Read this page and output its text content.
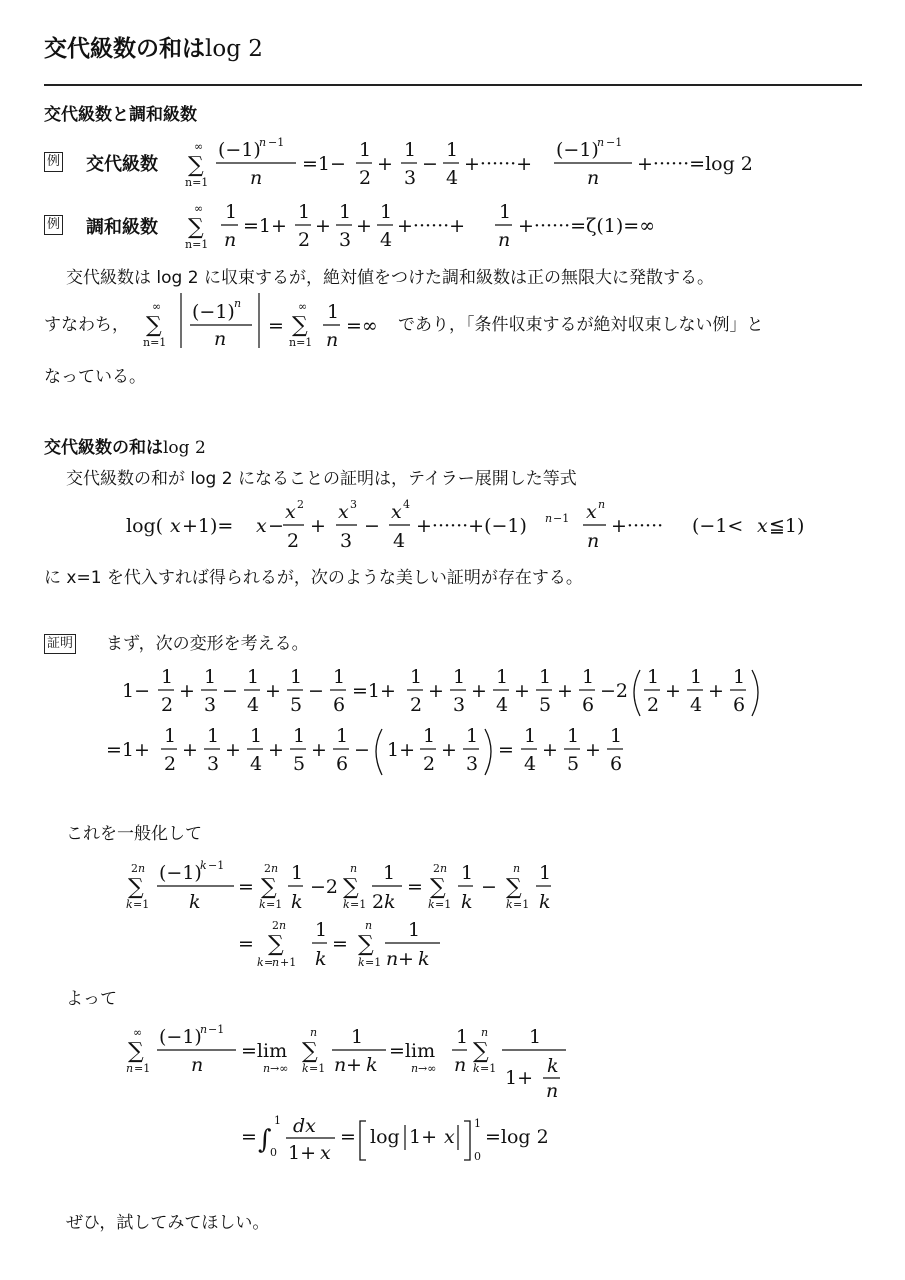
交代級数の和はlog 2
交代級数と調和級数
例 交代級数
例 調和級数
交代級数は log 2 に収束するが，絶対値をつけた調和級数は正の無限大に発散する。
すなわち，	であり，「条件収束するが絶対収束しない例」と
なっている。
交代級数の和はlog 2
交代級数の和が log 2 になることの証明は，テイラー展開した等式
に x=1 を代入すれば得られるが，次のような美しい証明が存在する。
証明 まず，次の変形を考える。
これを一般化して
よって
ぜひ，試してみてほしい。
∞
∑
n=1
(−1)
n −1
n
=1−
1
2
+
1
3
−
1
4
+······+
(−1)
n −1
n
+······=log 2
∞
∑
n=1
1
n
=1+
1
2
+
1
3
+
1
4
+······+
1
n
+······=ζ(1)=∞
∞
∑
n=1
(−1) n
n
=
∞
∑
n=1
1
n
=∞
log( x +1)= x −
x 2
2
+
x 3
3
−
x 4
4
+······+(−1) n −1 x n
n
+······ (−1< x ≦1)
1−
1
2
+
1
3
−
1
4
+
1
5
−
1
6
=1+
1
2
+
1
3
+
1
4
+
1
5
+
1
6
−2
1
2
+
1
4
+
1
6
=1+
1
2
+
1
3
+
1
4
+
1
5
+
1
6
− 1+
1
2
+
1
3
=
1
4
+
1
5
+
1
6
2 n
∑
k =1
(−1)
k −1
k
=
2 n
∑
k =1
1
k
−2
n
∑
k =1
1
2 k
=
2 n
∑
k =1
1
k
−
n
∑
k =1
1
k
=
2 n
∑
k =
n +1
1
k
=
n
∑
k =1
1
n + k
∞
∑
n =1
(−1)
n −1
n
=lim
n →∞
n
∑
k =1
1
n + k
=lim
n →∞
1
n
n
∑
k =1
1
1+
k
n
= ∫
1
0
dx
1+ x
= log 1+ x
1
0
=log 2
